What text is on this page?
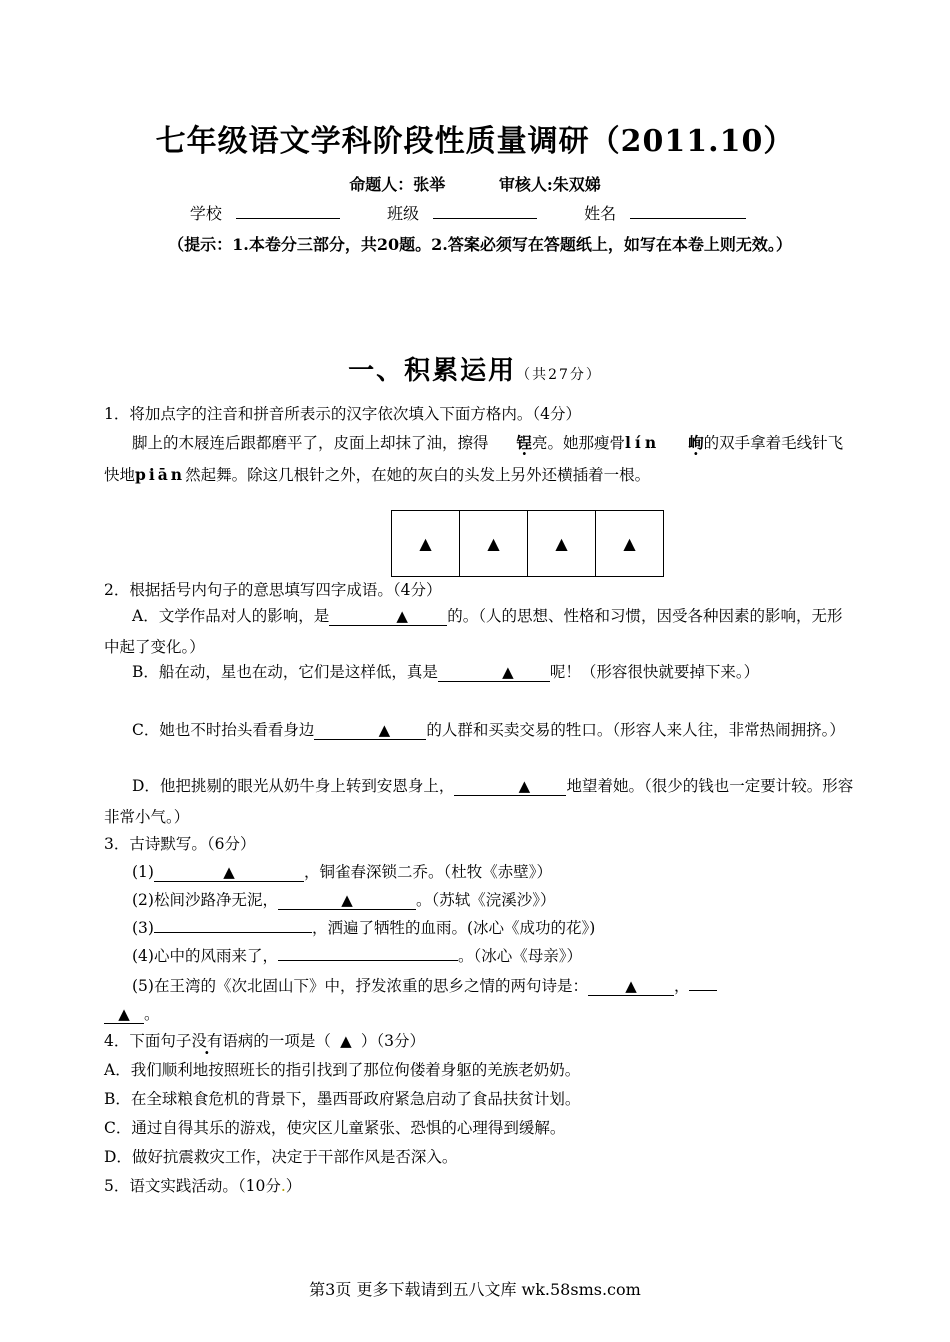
七年级语文学科阶段性质量调研（2011.10）
命题人：张举	审核人:朱双娣
学校	班级	姓名
（提示：1.本卷分三部分，共20题。2.答案必须写在答题纸上，如写在本卷上则无效。）
一、积累运用（共27分）
1．将加点字的注音和拼音所表示的汉字依次填入下面方格内。（4分）
脚上的木屐连后跟都磨平了，皮面上却抹了油，擦得 锃亮。她那瘦骨lín 峋的双手拿着毛线针飞快地piān然起舞。除这几根针之外，在她的灰白的头发上另外还横插着一根。
▲	▲	▲	▲
2．根据括号内句子的意思填写四字成语。（4分）
A．文学作品对人的影响，是	▲	的。（人的思想、性格和习惯，因受各种因素的影响，无形中起了变化。）
B．船在动，星也在动，它们是这样低，真是	▲ 呢！（形容很快就要掉下来。）
C．她也不时抬头看看身边	▲ 的人群和买卖交易的牲口。（形容人来人往，非常热闹拥挤。）
D．他把挑剔的眼光从奶牛身上转到安恩身上，	▲ 地望着她。（很少的钱也一定要计较。形容非常小气。）
3．古诗默写。（6分）
(1)	▲	，铜雀春深锁二乔。（杜牧《赤壁》）
(2)松间沙路净无泥，	▲	。（苏轼《浣溪沙》）
(3)	，洒遍了牺牲的血雨。(冰心《成功的花》)
(4)心中的风雨来了，	。（冰心《母亲》）
(5)在王湾的《次北固山下》中，抒发浓重的思乡之情的两句诗是： ▲ ，
▲ 。
4．下面句子没有语病的一项是（ ▲ ）（3分）
A．我们顺利地按照班长的指引找到了那位佝偻着身躯的羌族老奶奶。
B．在全球粮食危机的背景下，墨西哥政府紧急启动了食品扶贫计划。
C．通过自得其乐的游戏，使灾区儿童紧张、恐惧的心理得到缓解。
D．做好抗震救灾工作，决定于干部作风是否深入。
5．语文实践活动。（10分.）
第3页 更多下载请到五八文库 wk.58sms.com
